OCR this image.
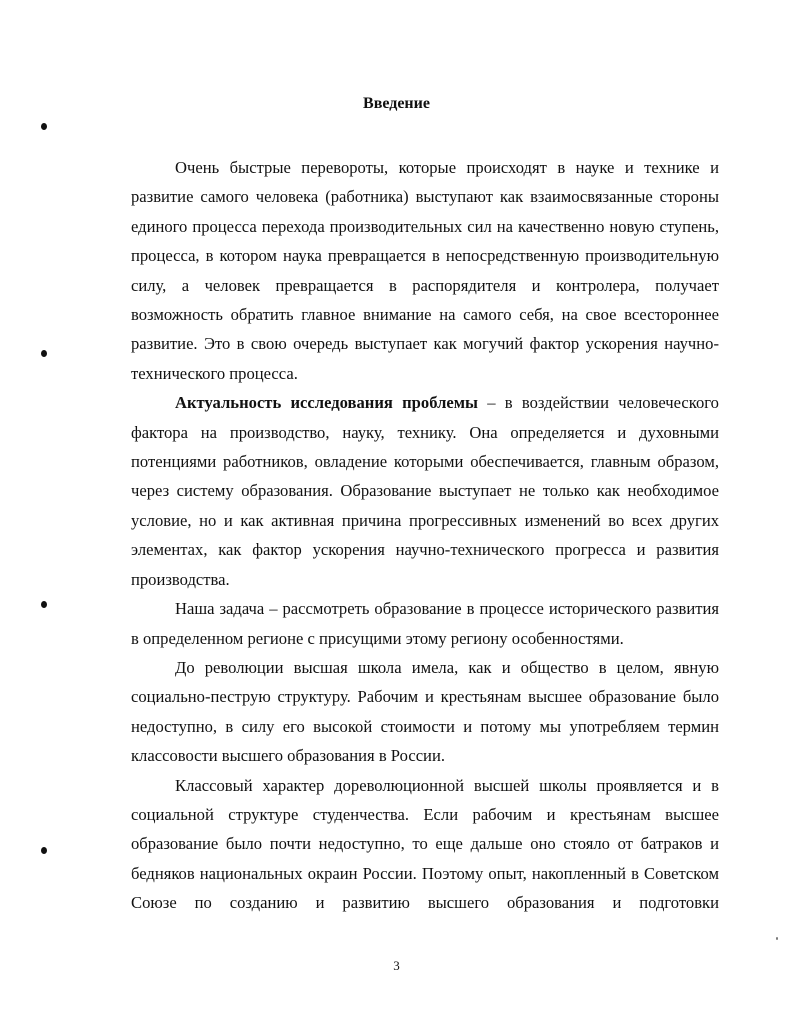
Введение

Очень быстрые перевороты, которые происходят в науке и технике и развитие самого человека (работника) выступают как взаимосвязанные стороны единого процесса перехода производительных сил на качественно новую ступень, процесса, в котором наука превращается в непосредственную производительную силу, а человек превращается в распорядителя и контролера, получает возможность обратить главное внимание на самого себя, на свое всестороннее развитие. Это в свою очередь выступает как могучий фактор ускорения научно-технического процесса.

Актуальность исследования проблемы – в воздействии человеческого фактора на производство, науку, технику. Она определяется и духовными потенциями работников, овладение которыми обеспечивается, главным образом, через систему образования. Образование выступает не только как необходимое условие, но и как активная причина прогрессивных изменений во всех других элементах, как фактор ускорения научно-технического прогресса и развития производства.

Наша задача – рассмотреть образование в процессе исторического развития в определенном регионе с присущими этому региону особенностями.

До революции высшая школа имела, как и общество в целом, явную социально-пеструю структуру. Рабочим и крестьянам высшее образование было недоступно, в силу его высокой стоимости и потому мы употребляем термин классовости высшего образования в России.

Классовый характер дореволюционной высшей школы проявляется и в социальной структуре студенчества. Если рабочим и крестьянам высшее образование было почти недоступно, то еще дальше оно стояло от батраков и бедняков национальных окраин России. Поэтому опыт, накопленный в Советском Союзе по созданию и развитию высшего образования и подготовки

3
